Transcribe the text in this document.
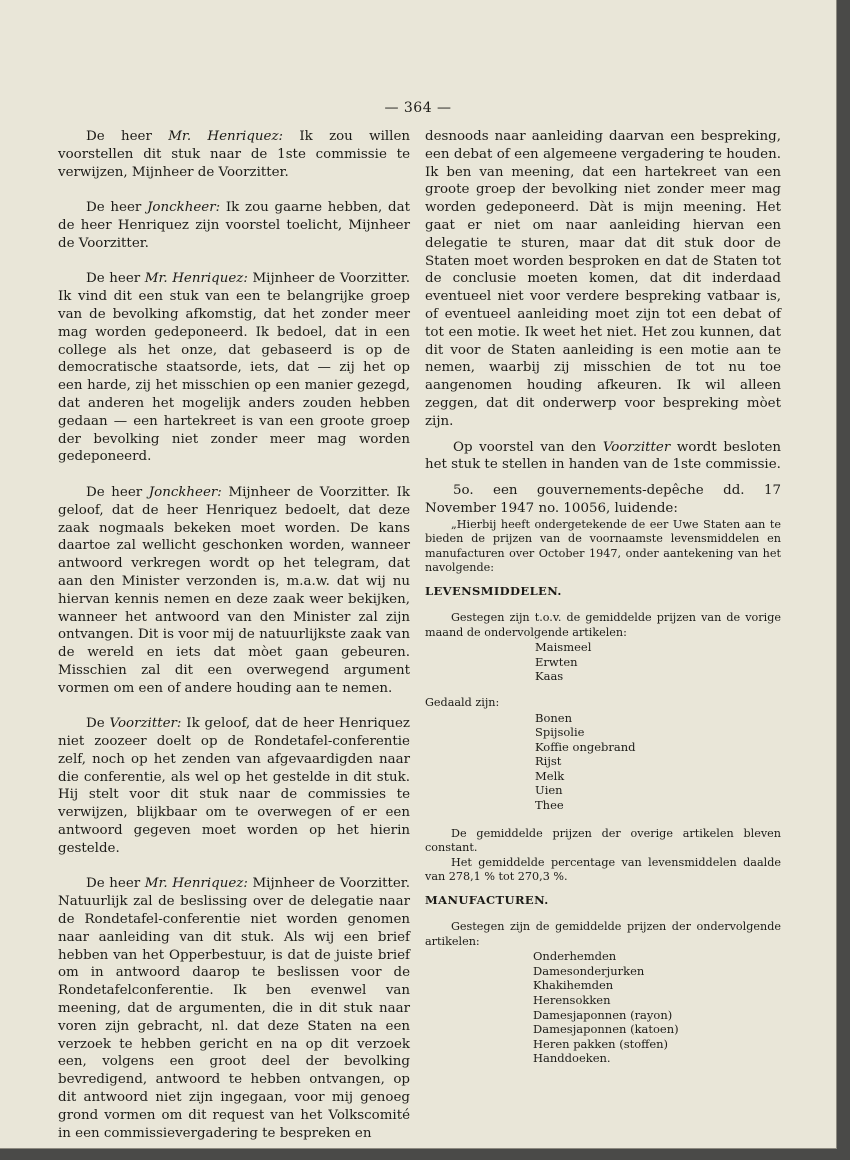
— 364 —

De heer Mr. Henriquez: Ik zou willen voorstellen dit stuk naar de 1ste commissie te verwijzen, Mijnheer de Voorzitter.

De heer Jonckheer: Ik zou gaarne hebben, dat de heer Henriquez zijn voorstel toelicht, Mijnheer de Voorzitter.

De heer Mr. Henriquez: Mijnheer de Voorzitter. Ik vind dit een stuk van een te belangrijke groep van de bevolking afkomstig, dat het zonder meer mag worden gedeponeerd. Ik bedoel, dat in een college als het onze, dat gebaseerd is op de democratische staatsorde, iets, dat — zij het op een harde, zij het misschien op een manier gezegd, dat anderen het mogelijk anders zouden hebben gedaan — een hartekreet is van een groote groep der bevolking niet zonder meer mag worden gedeponeerd.

De heer Jonckheer: Mijnheer de Voorzitter. Ik geloof, dat de heer Henriquez bedoelt, dat deze zaak nogmaals bekeken moet worden. De kans daartoe zal wellicht geschonken worden, wanneer antwoord verkregen wordt op het telegram, dat aan den Minister verzonden is, m.a.w. dat wij nu hiervan kennis nemen en deze zaak weer bekijken, wanneer het antwoord van den Minister zal zijn ontvangen. Dit is voor mij de natuurlijkste zaak van de wereld en iets dat mòet gaan gebeuren. Misschien zal dit een overwegend argument vormen om een of andere houding aan te nemen.

De Voorzitter: Ik geloof, dat de heer Henriquez niet zoozeer doelt op de Rondetafel-conferentie zelf, noch op het zenden van afgevaardigden naar die conferentie, als wel op het gestelde in dit stuk. Hij stelt voor dit stuk naar de commissies te verwijzen, blijkbaar om te overwegen of er een antwoord gegeven moet worden op het hierin gestelde.

De heer Mr. Henriquez: Mijnheer de Voorzitter. Natuurlijk zal de beslissing over de delegatie naar de Rondetafel-conferentie niet worden genomen naar aanleiding van dit stuk. Als wij een brief hebben van het Opperbestuur, is dat de juiste brief om in antwoord daarop te beslissen voor de Rondetafelconferentie. Ik ben evenwel van meening, dat de argumenten, die in dit stuk naar voren zijn gebracht, nl. dat deze Staten na een verzoek te hebben gericht en na op dit verzoek een, volgens een groot deel der bevolking bevredigend, antwoord te hebben ontvangen, op dit antwoord niet zijn ingegaan, voor mij genoeg grond vormen om dit request van het Volkscomité in een commissievergadering te bespreken en

desnoods naar aanleiding daarvan een bespreking, een debat of een algemeene vergadering te houden. Ik ben van meening, dat een hartekreet van een groote groep der bevolking niet zonder meer mag worden gedeponeerd. Dàt is mijn meening. Het gaat er niet om naar aanleiding hiervan een delegatie te sturen, maar dat dit stuk door de Staten moet worden besproken en dat de Staten tot de conclusie moeten komen, dat dit inderdaad eventueel niet voor verdere bespreking vatbaar is, of eventueel aanleiding moet zijn tot een debat of tot een motie. Ik weet het niet. Het zou kunnen, dat dit voor de Staten aanleiding is een motie aan te nemen, waarbij zij misschien de tot nu toe aangenomen houding afkeuren. Ik wil alleen zeggen, dat dit onderwerp voor bespreking mòet zijn.

Op voorstel van den Voorzitter wordt besloten het stuk te stellen in handen van de 1ste commissie.

5o. een gouvernements-depêche dd. 17 November 1947 no. 10056, luidende:

„Hierbij heeft ondergetekende de eer Uwe Staten aan te bieden de prijzen van de voornaamste levensmiddelen en manufacturen over October 1947, onder aantekening van het navolgende:

LEVENSMIDDELEN.

Gestegen zijn t.o.v. de gemiddelde prijzen van de vorige maand de ondervolgende artikelen:

Maismeel
Erwten
Kaas

Gedaald zijn:

Bonen
Spijsolie
Koffie ongebrand
Rijst
Melk
Uien
Thee

De gemiddelde prijzen der overige artikelen bleven constant.

Het gemiddelde percentage van levensmiddelen daalde van 278,1 % tot 270,3 %.

MANUFACTUREN.

Gestegen zijn de gemiddelde prijzen der ondervolgende artikelen:

Onderhemden
Damesonderjurken
Khakihemden
Herensokken
Damesjaponnen (rayon)
Damesjaponnen (katoen)
Heren pakken (stoffen)
Handdoeken.
